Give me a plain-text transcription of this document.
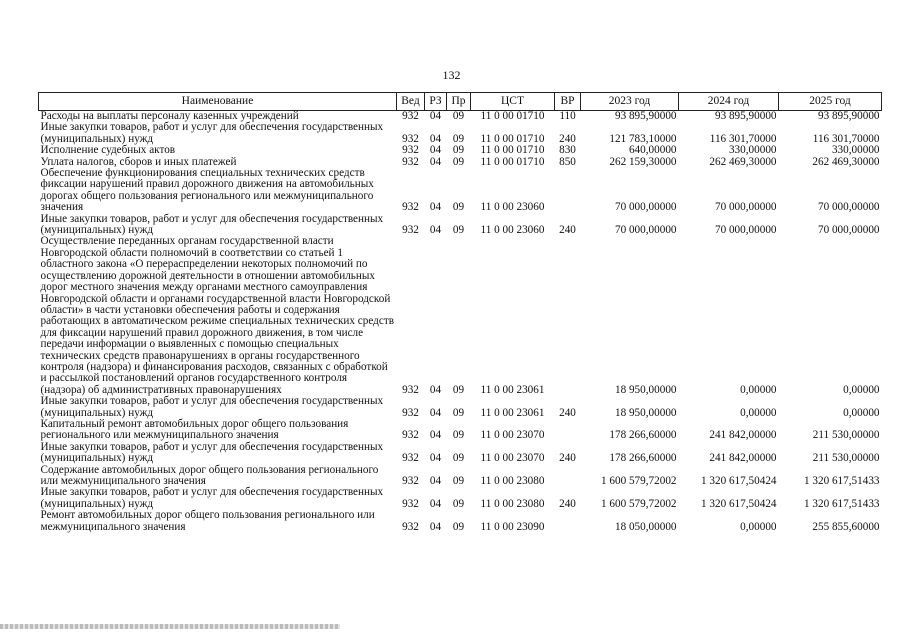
132
Наименование	Вед	РЗ	Пр	ЦСТ	ВР	2023 год	2024 год	2025 год
Расходы на выплаты персоналу казенных учреждений	932	04	09	11 0 00 01710	110	93 895,90000	93 895,90000	93 895,90000
Иные закупки товаров, работ и услуг для обеспечения государственных (муниципальных) нужд	932	04	09	11 0 00 01710	240	121 783,10000	116 301,70000	116 301,70000
Исполнение судебных актов	932	04	09	11 0 00 01710	830	640,00000	330,00000	330,00000
Уплата налогов, сборов и иных платежей	932	04	09	11 0 00 01710	850	262 159,30000	262 469,30000	262 469,30000
Обеспечение функционирования специальных технических средств фиксации нарушений правил дорожного движения на автомобильных дорогах общего пользования регионального или межмуниципального значения	932	04	09	11 0 00 23060		70 000,00000	70 000,00000	70 000,00000
Иные закупки товаров, работ и услуг для обеспечения государственных (муниципальных) нужд	932	04	09	11 0 00 23060	240	70 000,00000	70 000,00000	70 000,00000
Осуществление переданных органам государственной власти Новгородской области полномочий в соответствии со статьей 1 областного закона «О перераспределении некоторых полномочий по осуществлению дорожной деятельности в отношении автомобильных дорог местного значения между органами местного самоуправления Новгородской области и органами государственной власти Новгородской области» в части установки обеспечения работы и содержания работающих в автоматическом режиме специальных технических средств для фиксации нарушений правил дорожного движения, в том числе передачи информации о выявленных с помощью специальных технических средств правонарушениях в органы государственного контроля (надзора) и финансирования расходов, связанных с обработкой и рассылкой постановлений органов государственного контроля (надзора) об административных правонарушениях	932	04	09	11 0 00 23061		18 950,00000	0,00000	0,00000
Иные закупки товаров, работ и услуг для обеспечения государственных (муниципальных) нужд	932	04	09	11 0 00 23061	240	18 950,00000	0,00000	0,00000
Капитальный ремонт автомобильных дорог общего пользования регионального или межмуниципального значения	932	04	09	11 0 00 23070		178 266,60000	241 842,00000	211 530,00000
Иные закупки товаров, работ и услуг для обеспечения государственных (муниципальных) нужд	932	04	09	11 0 00 23070	240	178 266,60000	241 842,00000	211 530,00000
Содержание автомобильных дорог общего пользования регионального или межмуниципального значения	932	04	09	11 0 00 23080		1 600 579,72002	1 320 617,50424	1 320 617,51433
Иные закупки товаров, работ и услуг для обеспечения государственных (муниципальных) нужд	932	04	09	11 0 00 23080	240	1 600 579,72002	1 320 617,50424	1 320 617,51433
Ремонт автомобильных дорог общего пользования регионального или межмуниципального значения	932	04	09	11 0 00 23090		18 050,00000	0,00000	255 855,60000
